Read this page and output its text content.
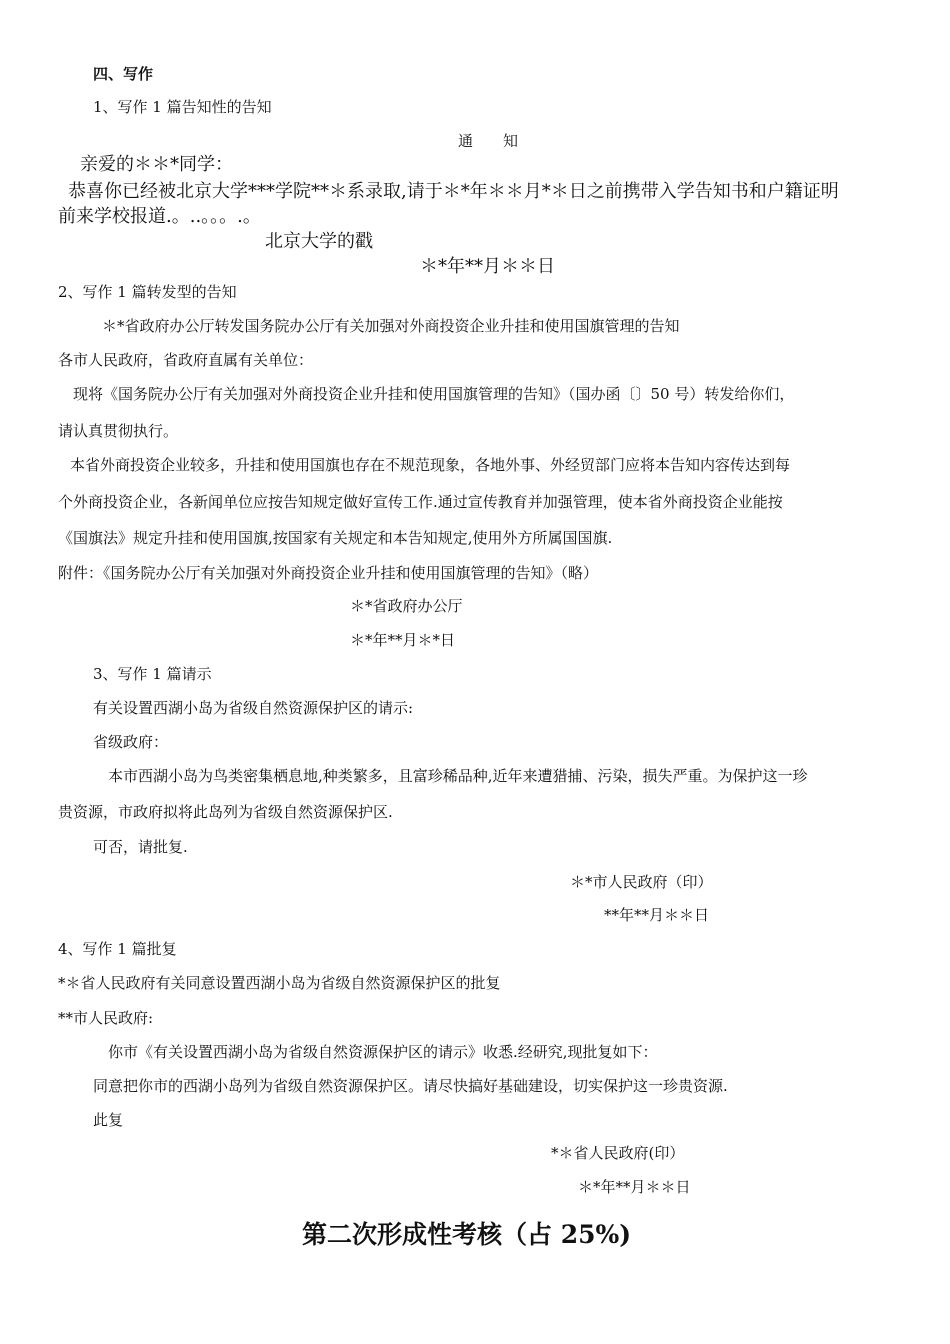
四、写作
1、写作 1 篇告知性的告知
通　　知
亲爱的＊＊*同学：
恭喜你已经被北京大学***学院**＊系录取,请于＊*年＊＊月*＊日之前携带入学告知书和户籍证明
前来学校报道.。..。。。.。
北京大学的戳
＊*年**月＊＊日
2、写作 1 篇转发型的告知
＊*省政府办公厅转发国务院办公厅有关加强对外商投资企业升挂和使用国旗管理的告知
各市人民政府，省政府直属有关单位：
现将《国务院办公厅有关加强对外商投资企业升挂和使用国旗管理的告知》（国办函〔〕50 号）转发给你们，
请认真贯彻执行。
本省外商投资企业较多，升挂和使用国旗也存在不规范现象，各地外事、外经贸部门应将本告知内容传达到每
个外商投资企业，各新闻单位应按告知规定做好宣传工作.通过宣传教育并加强管理，使本省外商投资企业能按
《国旗法》规定升挂和使用国旗,按国家有关规定和本告知规定,使用外方所属国国旗.
附件：《国务院办公厅有关加强对外商投资企业升挂和使用国旗管理的告知》（略）
＊*省政府办公厅
＊*年**月＊*日
3、写作 1 篇请示
有关设置西湖小岛为省级自然资源保护区的请示:
省级政府：
本市西湖小岛为鸟类密集栖息地,种类繁多，且富珍稀品种,近年来遭猎捕、污染，损失严重。为保护这一珍
贵资源，市政府拟将此岛列为省级自然资源保护区.
可否，请批复.
＊*市人民政府（印）
**年**月＊＊日
4、写作 1 篇批复
*＊省人民政府有关同意设置西湖小岛为省级自然资源保护区的批复
**市人民政府:
你市《有关设置西湖小岛为省级自然资源保护区的请示》收悉.经研究,现批复如下：
同意把你市的西湖小岛列为省级自然资源保护区。请尽快搞好基础建设，切实保护这一珍贵资源.
此复
*＊省人民政府(印）
＊*年**月＊＊日
第二次形成性考核（占 25%)
